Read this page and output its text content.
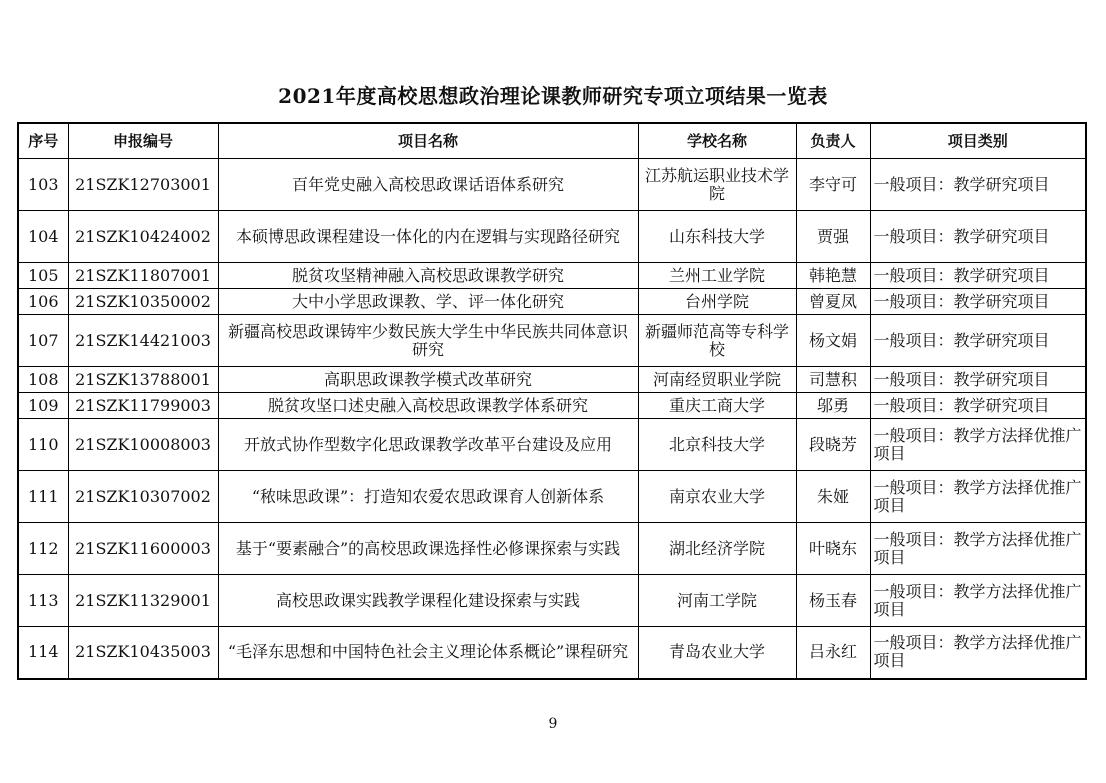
2021年度高校思想政治理论课教师研究专项立项结果一览表
序号	申报编号	项目名称	学校名称	负责人	项目类别
103	21SZK12703001	百年党史融入高校思政课话语体系研究	江苏航运职业技术学院	李守可	一般项目：教学研究项目
104	21SZK10424002	本硕博思政课程建设一体化的内在逻辑与实现路径研究	山东科技大学	贾强	一般项目：教学研究项目
105	21SZK11807001	脱贫攻坚精神融入高校思政课教学研究	兰州工业学院	韩艳慧	一般项目：教学研究项目
106	21SZK10350002	大中小学思政课教、学、评一体化研究	台州学院	曾夏凤	一般项目：教学研究项目
107	21SZK14421003	新疆高校思政课铸牢少数民族大学生中华民族共同体意识研究	新疆师范高等专科学校	杨文娟	一般项目：教学研究项目
108	21SZK13788001	高职思政课教学模式改革研究	河南经贸职业学院	司慧积	一般项目：教学研究项目
109	21SZK11799003	脱贫攻坚口述史融入高校思政课教学体系研究	重庆工商大学	邬勇	一般项目：教学研究项目
110	21SZK10008003	开放式协作型数字化思政课教学改革平台建设及应用	北京科技大学	段晓芳	一般项目：教学方法择优推广项目
111	21SZK10307002	“秾味思政课”：打造知农爱农思政课育人创新体系	南京农业大学	朱娅	一般项目：教学方法择优推广项目
112	21SZK11600003	基于“要素融合”的高校思政课选择性必修课探索与实践	湖北经济学院	叶晓东	一般项目：教学方法择优推广项目
113	21SZK11329001	高校思政课实践教学课程化建设探索与实践	河南工学院	杨玉春	一般项目：教学方法择优推广项目
114	21SZK10435003	“毛泽东思想和中国特色社会主义理论体系概论”课程研究	青岛农业大学	吕永红	一般项目：教学方法择优推广项目
9
